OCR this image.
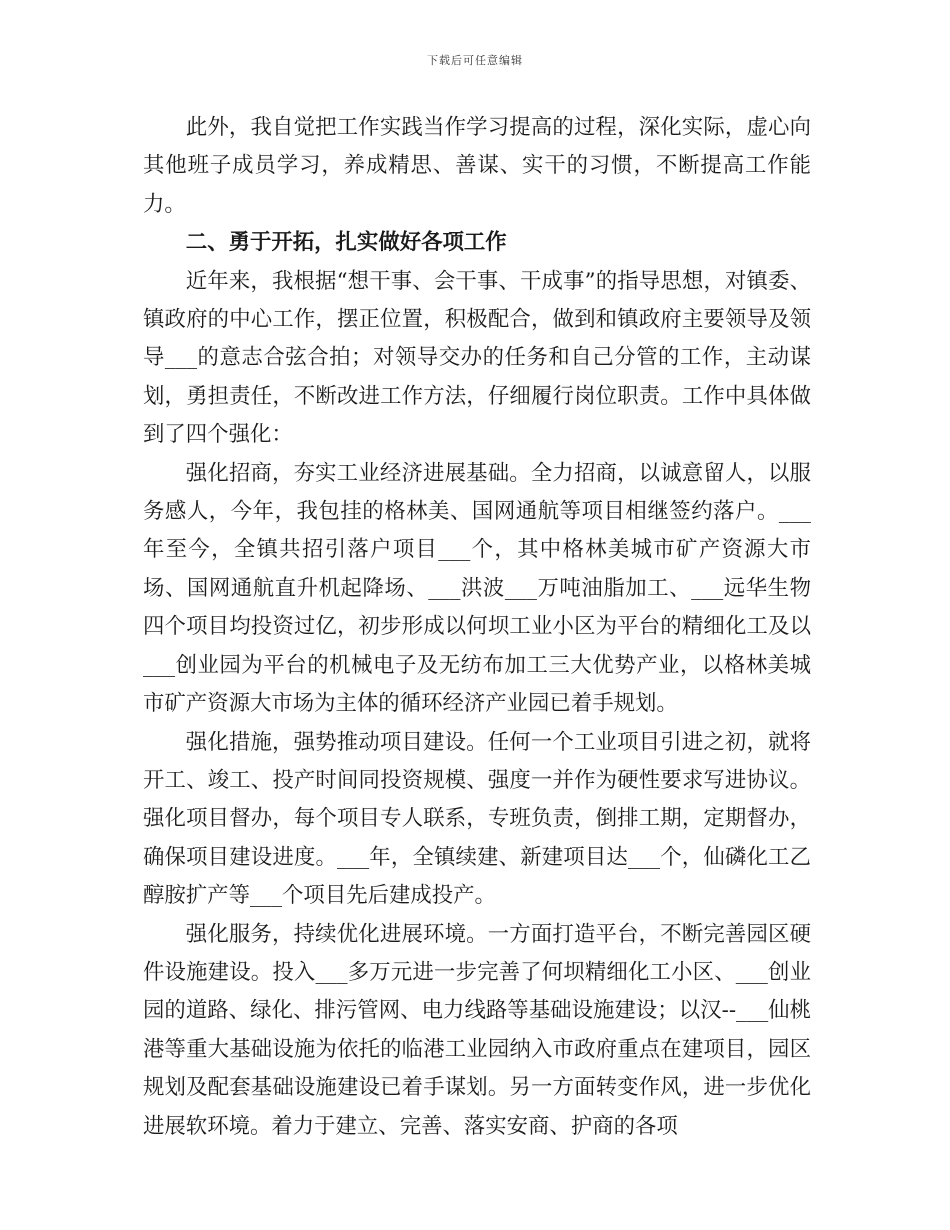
下载后可任意编辑

此外，我自觉把工作实践当作学习提高的过程，深化实际，虚心向其他班子成员学习，养成精思、善谋、实干的习惯，不断提高工作能力。

二、勇于开拓，扎实做好各项工作

近年来，我根据“想干事、会干事、干成事”的指导思想，对镇委、镇政府的中心工作，摆正位置，积极配合，做到和镇政府主要领导及领导___的意志合弦合拍；对领导交办的任务和自己分管的工作，主动谋划，勇担责任，不断改进工作方法，仔细履行岗位职责。工作中具体做到了四个强化：

强化招商，夯实工业经济进展基础。全力招商，以诚意留人，以服务感人，今年，我包挂的格林美、国网通航等项目相继签约落户。___年至今，全镇共招引落户项目___个，其中格林美城市矿产资源大市场、国网通航直升机起降场、___洪波___万吨油脂加工、___远华生物四个项目均投资过亿，初步形成以何坝工业小区为平台的精细化工及以___创业园为平台的机械电子及无纺布加工三大优势产业，以格林美城市矿产资源大市场为主体的循环经济产业园已着手规划。

强化措施，强势推动项目建设。任何一个工业项目引进之初，就将开工、竣工、投产时间同投资规模、强度一并作为硬性要求写进协议。强化项目督办，每个项目专人联系，专班负责，倒排工期，定期督办，确保项目建设进度。___年，全镇续建、新建项目达___个，仙磷化工乙醇胺扩产等___个项目先后建成投产。

强化服务，持续优化进展环境。一方面打造平台，不断完善园区硬件设施建设。投入___多万元进一步完善了何坝精细化工小区、___创业园的道路、绿化、排污管网、电力线路等基础设施建设；以汉--___仙桃港等重大基础设施为依托的临港工业园纳入市政府重点在建项目，园区规划及配套基础设施建设已着手谋划。另一方面转变作风，进一步优化进展软环境。着力于建立、完善、落实安商、护商的各项
